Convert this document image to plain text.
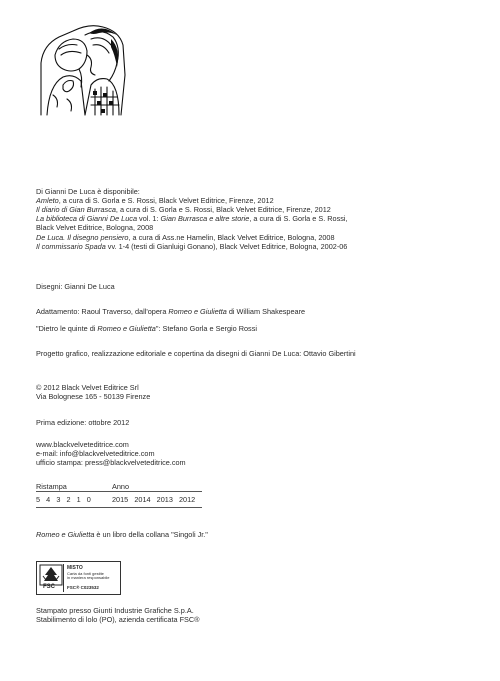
Di Gianni De Luca è disponibile:
Amleto, a cura di S. Gorla e S. Rossi, Black Velvet Editrice, Firenze, 2012
Il diario di Gian Burrasca, a cura di S. Gorla e S. Rossi, Black Velvet Editrice, Firenze, 2012
La biblioteca di Gianni De Luca vol. 1: Gian Burrasca e altre storie, a cura di S. Gorla e S. Rossi,
Black Velvet Editrice, Bologna, 2008
De Luca. Il disegno pensiero, a cura di Ass.ne Hamelin, Black Velvet Editrice, Bologna, 2008
Il commissario Spada vv. 1-4 (testi di Gianluigi Gonano), Black Velvet Editrice, Bologna, 2002-06
Disegni: Gianni De Luca
Adattamento: Raoul Traverso, dall'opera Romeo e Giulietta di William Shakespeare
"Dietro le quinte di Romeo e Giulietta": Stefano Gorla e Sergio Rossi
Progetto grafico, realizzazione editoriale e copertina da disegni di Gianni De Luca: Ottavio Gibertini
© 2012 Black Velvet Editrice Srl
Via Bolognese 165 - 50139 Firenze
Prima edizione: ottobre 2012
www.blackvelveteditrice.com
e-mail: info@blackvelveteditrice.com
ufficio stampa: press@blackvelveteditrice.com
Ristampa	Anno
5 4 3 2 1 0	2015 2014 2013 2012
Romeo e Giulietta è un libro della collana "Singoli Jr."
FSC
MISTO
Carta da fonti gestite
in maniera responsabile
FSC® C023532
Stampato presso Giunti Industrie Grafiche S.p.A.
Stabilimento di lolo (PO), azienda certificata FSC®
